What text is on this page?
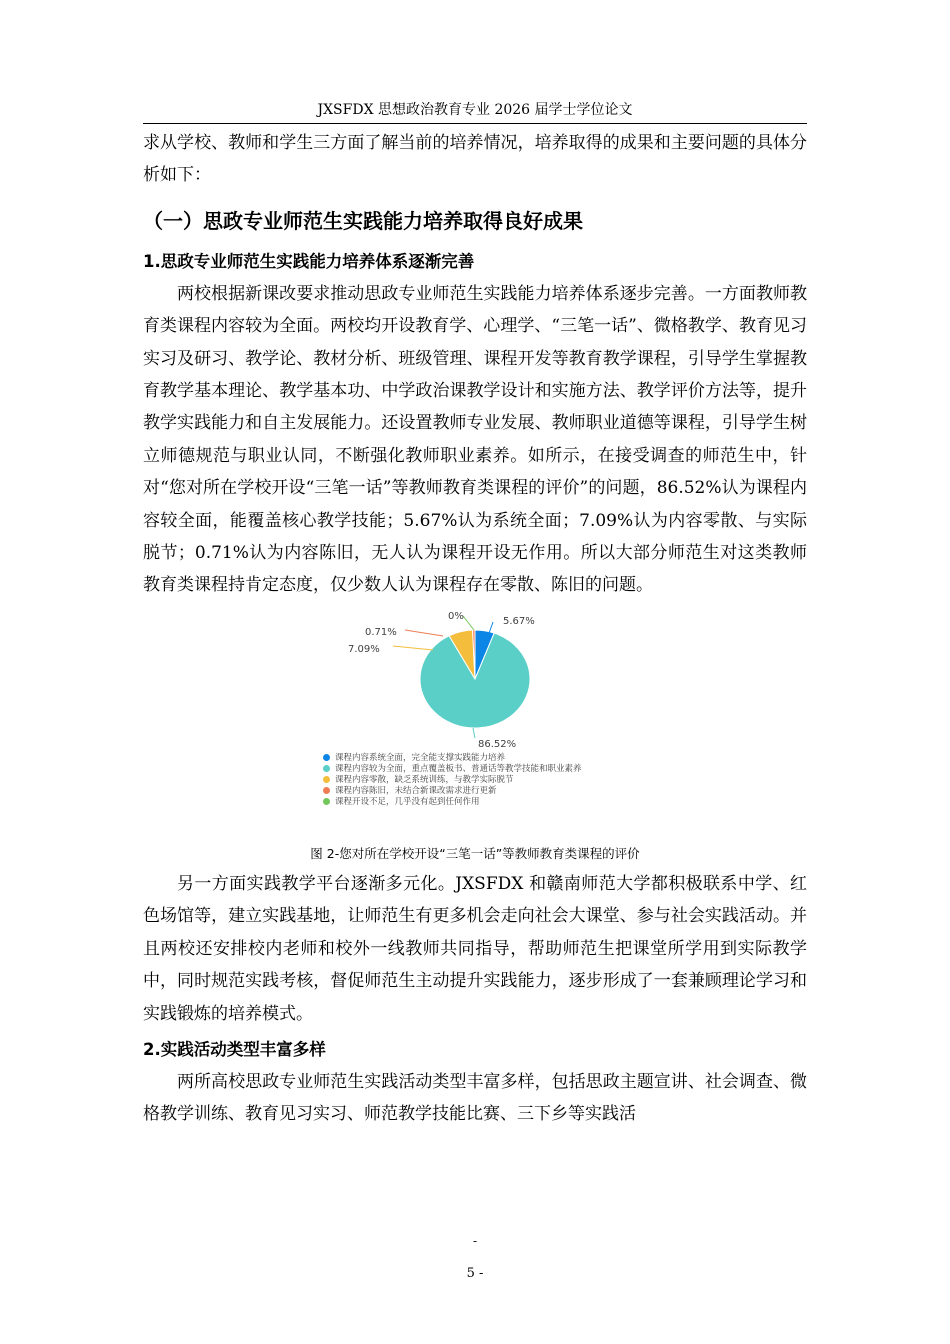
JXSFDX 思想政治教育专业 2026 届学士学位论文

求从学校、教师和学生三方面了解当前的培养情况，培养取得的成果和主要问题的具体分析如下：

（一）思政专业师范生实践能力培养取得良好成果
1.思政专业师范生实践能力培养体系逐渐完善

两校根据新课改要求推动思政专业师范生实践能力培养体系逐步完善。一方面教师教育类课程内容较为全面。两校均开设教育学、心理学、“三笔一话”、微格教学、教育见习实习及研习、教学论、教材分析、班级管理、课程开发等教育教学课程，引导学生掌握教育教学基本理论、教学基本功、中学政治课教学设计和实施方法、教学评价方法等，提升教学实践能力和自主发展能力。还设置教师专业发展、教师职业道德等课程，引导学生树立师德规范与职业认同，不断强化教师职业素养。如所示，在接受调查的师范生中，针对“您对所在学校开设“三笔一话”等教师教育类课程的评价”的问题，86.52%认为课程内容较全面，能覆盖核心教学技能；5.67%认为系统全面；7.09%认为内容零散、与实际脱节；0.71%认为内容陈旧，无人认为课程开设无作用。所以大部分师范生对这类教师教育类课程持肯定态度，仅少数人认为课程存在零散、陈旧的问题。

5.67%
86.52%
7.09%
0.71%
0%
课程内容系统全面，完全能支撑实践能力培养
课程内容较为全面，重点覆盖板书、普通话等教学技能和职业素养
课程内容零散，缺乏系统训练，与教学实际脱节
课程内容陈旧，未结合新课改需求进行更新
课程开设不足，几乎没有起到任何作用
图 2-您对所在学校开设“三笔一话”等教师教育类课程的评价

另一方面实践教学平台逐渐多元化。JXSFDX 和赣南师范大学都积极联系中学、红色场馆等，建立实践基地，让师范生有更多机会走向社会大课堂、参与社会实践活动。并且两校还安排校内老师和校外一线教师共同指导，帮助师范生把课堂所学用到实际教学中，同时规范实践考核，督促师范生主动提升实践能力，逐步形成了一套兼顾理论学习和实践锻炼的培养模式。

2.实践活动类型丰富多样

两所高校思政专业师范生实践活动类型丰富多样，包括思政主题宣讲、社会调查、微格教学训练、教育见习实习、师范教学技能比赛、三下乡等实践活

-
5 -
